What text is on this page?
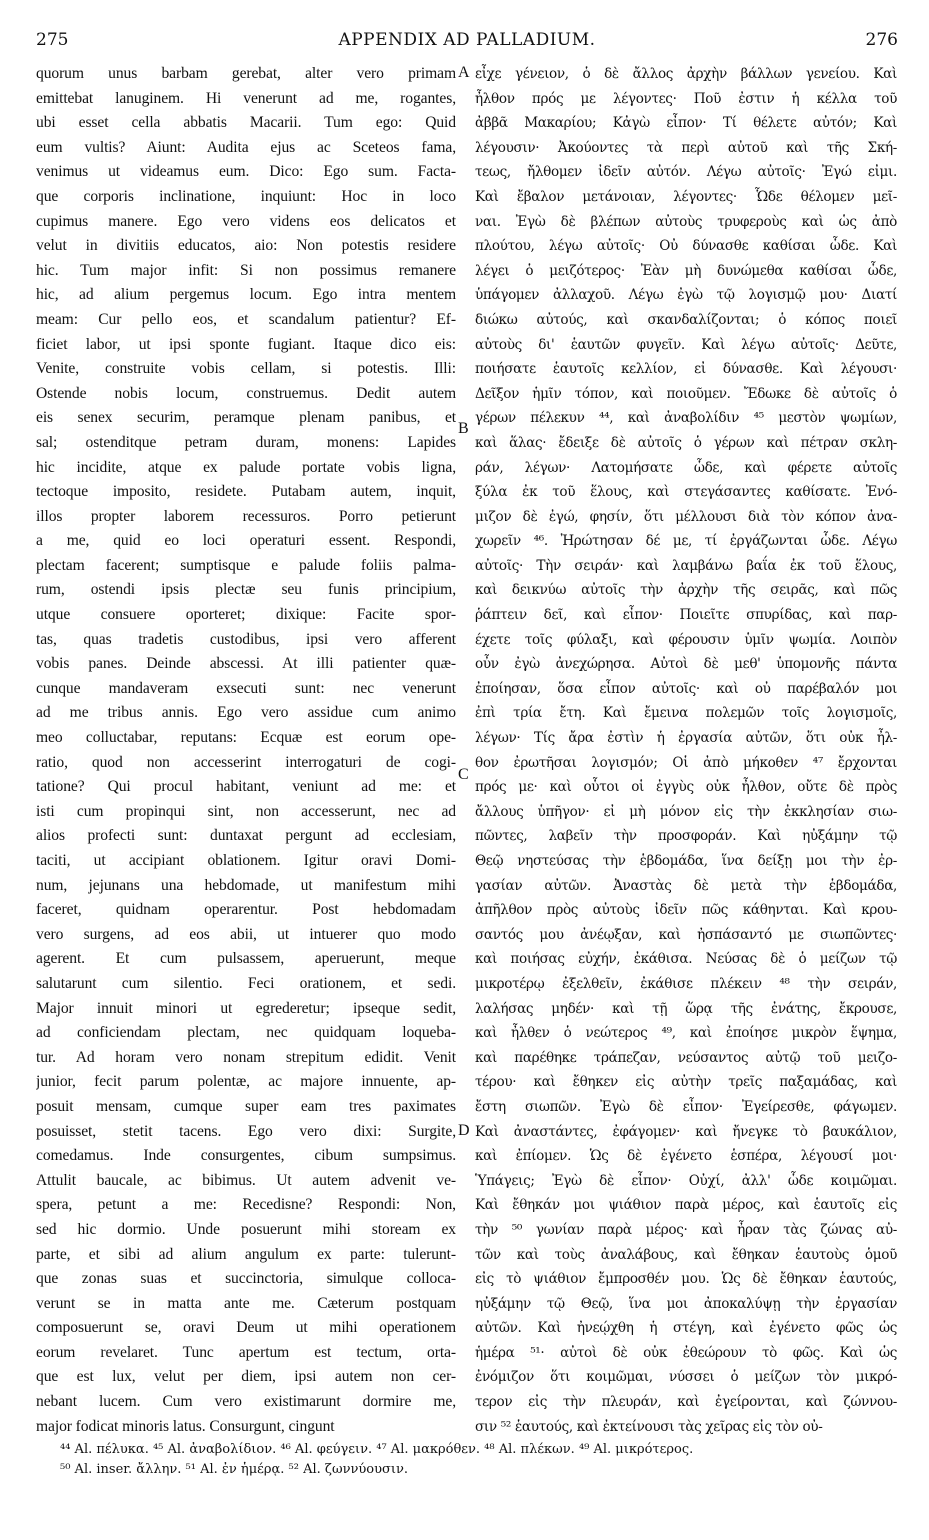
275	APPENDIX AD PALLADIUM.	276
quorum unus barbam gerebat, alter vero primam
emittebat lanuginem. Hi venerunt ad me, rogantes,
ubi esset cella abbatis Macarii. Tum ego: Quid
eum vultis? Aiunt: Audita ejus ac Sceteos fama,
venimus ut videamus eum. Dico: Ego sum. Facta-
que corporis inclinatione, inquiunt: Hoc in loco
cupimus manere. Ego vero videns eos delicatos et
velut in divitiis educatos, aio: Non potestis residere
hic. Tum major infit: Si non possimus remanere
hic, ad alium pergemus locum. Ego intra mentem
meam: Cur pello eos, et scandalum patientur? Ef-
ficiet labor, ut ipsi sponte fugiant. Itaque dico eis:
Venite, construite vobis cellam, si potestis. Illi:
Ostende nobis locum, construemus. Dedit autem
eis senex securim, peramque plenam panibus, et
sal; ostenditque petram duram, monens: Lapides
hic incidite, atque ex palude portate vobis ligna,
tectoque imposito, residete. Putabam autem, inquit,
illos propter laborem recessuros. Porro petierunt
a me, quid eo loci operaturi essent. Respondi,
plectam facerent; sumptisque e palude foliis palma-
rum, ostendi ipsis plectæ seu funis principium,
utque consuere oporteret; dixique: Facite spor-
tas, quas tradetis custodibus, ipsi vero afferent
vobis panes. Deinde abscessi. At illi patienter quæ-
cunque mandaveram exsecuti sunt: nec venerunt
ad me tribus annis. Ego vero assidue cum animo
meo colluctabar, reputans: Ecquæ est eorum ope-
ratio, quod non accesserint interrogaturi de cogi-
tatione? Qui procul habitant, veniunt ad me: et
isti cum propinqui sint, non accesserunt, nec ad
alios profecti sunt: duntaxat pergunt ad ecclesiam,
taciti, ut accipiant oblationem. Igitur oravi Domi-
num, jejunans una hebdomade, ut manifestum mihi
faceret, quidnam operarentur. Post hebdomadam
vero surgens, ad eos abii, ut intuerer quo modo
agerent. Et cum pulsassem, aperuerunt, meque
salutarunt cum silentio. Feci orationem, et sedi.
Major innuit minori ut egrederetur; ipseque sedit,
ad conficiendam plectam, nec quidquam loqueba-
tur. Ad horam vero nonam strepitum edidit. Venit
junior, fecit parum polentæ, ac majore innuente, ap-
posuit mensam, cumque super eam tres paximates
posuisset, stetit tacens. Ego vero dixi: Surgite,
comedamus. Inde consurgentes, cibum sumpsimus.
Attulit baucale, ac bibimus. Ut autem advenit ve-
spera, petunt a me: Recedisne? Respondi: Non,
sed hic dormio. Unde posuerunt mihi stoream ex
parte, et sibi ad alium angulum ex parte: tulerunt-
que zonas suas et succinctoria, simulque colloca-
verunt se in matta ante me. Cæterum postquam
composuerunt se, oravi Deum ut mihi operationem
eorum revelaret. Tunc apertum est tectum, orta-
que est lux, velut per diem, ipsi autem non cer-
nebant lucem. Cum vero existimarunt dormire me,
major fodicat minoris latus. Consurgunt, cingunt
εἶχε γένειον, ὁ δὲ ἄλλος ἀρχὴν βάλλων γενείου. Καὶ
ἦλθον πρός με λέγοντες· Ποῦ ἐστιν ἡ κέλλα τοῦ
ἀββᾶ Μακαρίου; Κἀγὼ εἶπον· Τί θέλετε αὐτόν; Καὶ
λέγουσιν· Ἀκούοντες τὰ περὶ αὐτοῦ καὶ τῆς Σκή-
τεως, ἤλθομεν ἰδεῖν αὐτόν. Λέγω αὐτοῖς· Ἐγώ εἰμι.
Καὶ ἔβαλον μετάνοιαν, λέγοντες· Ὧδε θέλομεν μεῖ-
ναι. Ἐγὼ δὲ βλέπων αὐτοὺς τρυφεροὺς καὶ ὡς ἀπὸ
πλούτου, λέγω αὐτοῖς· Οὐ δύνασθε καθίσαι ὧδε. Καὶ
λέγει ὁ μειζότερος· Ἐὰν μὴ δυνώμεθα καθίσαι ὧδε,
ὑπάγομεν ἀλλαχοῦ. Λέγω ἐγὼ τῷ λογισμῷ μου· Διατί
διώκω αὐτούς, καὶ σκανδαλίζονται; ὁ κόπος ποιεῖ
αὐτοὺς δι' ἑαυτῶν φυγεῖν. Καὶ λέγω αὐτοῖς· Δεῦτε,
ποιήσατε ἑαυτοῖς κελλίον, εἰ δύνασθε. Καὶ λέγουσι·
Δεῖξον ἡμῖν τόπον, καὶ ποιοῦμεν. Ἔδωκε δὲ αὐτοῖς ὁ
γέρων πέλεκυν ⁴⁴, καὶ ἀναβολίδιν ⁴⁵ μεστὸν ψωμίων,
καὶ ἅλας· ἔδειξε δὲ αὐτοῖς ὁ γέρων καὶ πέτραν σκλη-
ράν, λέγων· Λατομήσατε ὧδε, καὶ φέρετε αὐτοῖς
ξύλα ἐκ τοῦ ἕλους, καὶ στεγάσαντες καθίσατε. Ἐνό-
μιζον δὲ ἐγώ, φησίν, ὅτι μέλλουσι διὰ τὸν κόπον ἀνα-
χωρεῖν ⁴⁶. Ἠρώτησαν δέ με, τί ἐργάζωνται ὧδε. Λέγω
αὐτοῖς· Τὴν σειράν· καὶ λαμβάνω βαΐα ἐκ τοῦ ἕλους,
καὶ δεικνύω αὐτοῖς τὴν ἀρχὴν τῆς σειρᾶς, καὶ πῶς
ῥάπτειν δεῖ, καὶ εἶπον· Ποιεῖτε σπυρίδας, καὶ παρ-
έχετε τοῖς φύλαξι, καὶ φέρουσιν ὑμῖν ψωμία. Λοιπὸν
οὖν ἐγὼ ἀνεχώρησα. Αὐτοὶ δὲ μεθ' ὑπομονῆς πάντα
ἐποίησαν, ὅσα εἶπον αὐτοῖς· καὶ οὐ παρέβαλόν μοι
ἐπὶ τρία ἔτη. Καὶ ἔμεινα πολεμῶν τοῖς λογισμοῖς,
λέγων· Τίς ἄρα ἐστὶν ἡ ἐργασία αὐτῶν, ὅτι οὐκ ἦλ-
θον ἐρωτῆσαι λογισμόν; Οἱ ἀπὸ μήκοθεν ⁴⁷ ἔρχονται
πρός με· καὶ οὗτοι οἱ ἐγγὺς οὐκ ἦλθον, οὔτε δὲ πρὸς
ἄλλους ὑπῆγον· εἰ μὴ μόνον εἰς τὴν ἐκκλησίαν σιω-
πῶντες, λαβεῖν τὴν προσφοράν. Καὶ ηὐξάμην τῷ
Θεῷ νηστεύσας τὴν ἑβδομάδα, ἵνα δείξῃ μοι τὴν ἐρ-
γασίαν αὐτῶν. Ἀναστὰς δὲ μετὰ τὴν ἑβδομάδα,
ἀπῆλθον πρὸς αὐτοὺς ἰδεῖν πῶς κάθηνται. Καὶ κρου-
σαντός μου ἀνέῳξαν, καὶ ἠσπάσαντό με σιωπῶντες·
καὶ ποιήσας εὐχήν, ἐκάθισα. Νεύσας δὲ ὁ μείζων τῷ
μικροτέρῳ ἐξελθεῖν, ἐκάθισε πλέκειν ⁴⁸ τὴν σειράν,
λαλήσας μηδέν· καὶ τῇ ὥρᾳ τῆς ἐνάτης, ἔκρουσε,
καὶ ἦλθεν ὁ νεώτερος ⁴⁹, καὶ ἐποίησε μικρὸν ἕψημα,
καὶ παρέθηκε τράπεζαν, νεύσαντος αὐτῷ τοῦ μειζο-
τέρου· καὶ ἔθηκεν εἰς αὐτὴν τρεῖς παξαμάδας, καὶ
ἔστη σιωπῶν. Ἐγὼ δὲ εἶπον· Ἐγείρεσθε, φάγωμεν.
Καὶ ἀναστάντες, ἐφάγομεν· καὶ ἤνεγκε τὸ βαυκάλιον,
καὶ ἐπίομεν. Ὡς δὲ ἐγένετο ἑσπέρα, λέγουσί μοι·
Ὑπάγεις; Ἐγὼ δὲ εἶπον· Οὐχί, ἀλλ' ὧδε κοιμῶμαι.
Καὶ ἔθηκάν μοι ψιάθιον παρὰ μέρος, καὶ ἑαυτοῖς εἰς
τὴν ⁵⁰ γωνίαν παρὰ μέρος· καὶ ἦραν τὰς ζώνας αὐ-
τῶν καὶ τοὺς ἀναλάβους, καὶ ἔθηκαν ἑαυτοὺς ὁμοῦ
εἰς τὸ ψιάθιον ἔμπροσθέν μου. Ὡς δὲ ἔθηκαν ἑαυτούς,
ηὐξάμην τῷ Θεῷ, ἵνα μοι ἀποκαλύψῃ τὴν ἐργασίαν
αὐτῶν. Καὶ ἠνεῴχθη ἡ στέγη, καὶ ἐγένετο φῶς ὡς
ἡμέρα ⁵¹· αὐτοὶ δὲ οὐκ ἐθεώρουν τὸ φῶς. Καὶ ὡς
ἐνόμιζον ὅτι κοιμῶμαι, νύσσει ὁ μείζων τὸν μικρό-
τερον εἰς τὴν πλευράν, καὶ ἐγείρονται, καὶ ζώννου-
σιν ⁵² ἑαυτούς, καὶ ἐκτείνουσι τὰς χεῖρας εἰς τὸν οὐ-
A
B
C
D
⁴⁴ Al. πέλυκα. ⁴⁵ Al. ἀναβολίδιον. ⁴⁶ Al. φεύγειν. ⁴⁷ Al. μακρόθεν. ⁴⁸ Al. πλέκων. ⁴⁹ Al. μικρότερος.
⁵⁰ Al. inser. ἄλλην. ⁵¹ Al. ἐν ἡμέρᾳ. ⁵² Al. ζωννύουσιν.
